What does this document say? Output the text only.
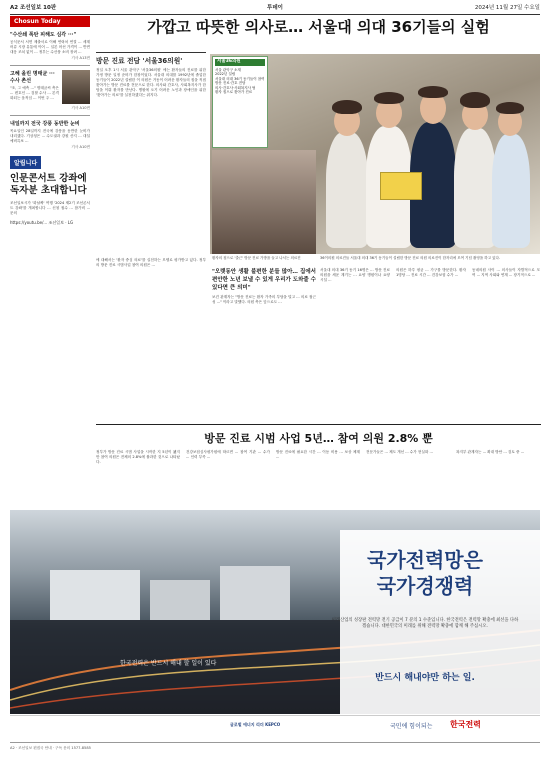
A2 조선일보 10판	투데이	2024년 11월 27일 수요일
Chosun Today
"수산쇄 폭탄 피해도 심각 ···"

공식문서 서면 제출서로 이해 연락처 연결 ... 세계 어류 시장 유통에 이어 ... 일본 어선 가격이 ... 반면 대응 조치 없이 ... 정부는 수산품 소비 장려 ...

기사 A13면
고혜 올린 명태균 ··· 수사 촌선

"조, 그 예측 ..." 명태균씨 측은 ... 변호인 ... 검찰 수사 ... 본격화되는 움직임 ... 이번 주 ...

기사 A10면
내일까지 전국 강풍 동반한 눈비

목요일인 28일까지 전국에 강풍을 동반한 눈비가 내리겠다. 기상청은 ... 수도권과 강원 산지 ... 대설 예비특보 ...

기사 A10면
알립니다
인문콘서트 강좌에 독자분 초대합니다

조선일보시가 '화날짜' 여행 '2024 제2기 조선콘서트 강좌'를 개최합니다 ... 신청 접수 ... 참가비 ... 문의

https://youtu.be/... 조선일보 · LG
가깝고 따뜻한 의사로… 서울대 의대 36기들의 실험
방문 진료 전담 '서울36의원'

정일 오후 1시 서울 관악구 '서울36의원' 에는 환자들의 진료를 위한 가정 방문 일정 준비가 한창이었다. 서울대 의대를 1992년에 졸업한 동기들이 2022년 설립한 이 의원은 거동이 어려운 환자들의 집을 직접 찾아가는 방문 진료를 전문으로 한다. 의사와 간호사, 사회복지사가 한 팀을 이뤄 환자를 만난다. 병원에 오기 어려운 노인과 장애인을 위한 '찾아가는 의료'를 실천하겠다는 취지다.

서울36의원
서울 관악구 소재
2022년 설립
서울대 의대 36기 동기들이 참여
방문 진료·간호 전담
의사·간호사·사회복지사 팀
환자 집으로 찾아가 진료
환자의 집으로 '출근' 방문 진료 가방을 들고 나서는 의료진	36이의원 의료진들 서울대 의대 36기 동기들이 설립한 방문 진료 의원 의료진이 한자리에 모여 기념 촬영을 하고 있다.
에 대해서는 '환자 중심 의료'를 실천하는 모델로 평가받고 있다. 정부의 방문 진료 시범사업 참여 의원은 ...
"오랫동안 생활 불편한 분들 많아… 집에서 편안한 노년 보낼 수 있게 우리가 도와줄 수 있다면 큰 의미"
보건 관계자는 "방문 진료는 환자 가족의 부담을 덜고 ... 의료 접근성 ..." 이라고 말했다. 의원 측은 앞으로도 ...
서울대 의대 36기 동기 16명은 ... 방문 진료 의원을 세운 계기는 ... 요양 병원이나 요양 시설 ...
의원은 하루 평균 ... 가구를 방문한다. 환자 1명당 ... 진료 시간 ... 건강보험 수가 ...
동네의원 사이 ... 의사들이 자발적으로 모여 ... 지역 사회와 연계 ... 장기적으로 ...
방문 진료 시범 사업 5년… 참여 의원 2.8% 뿐
정부가 방문 진료 시범 사업을 시작한 지 5년이 됐지만 참여 의원은 전체의 2.8%에 불과한 것으로 나타났다.
건강보험심사평가원에 따르면 ... 참여 기관 ... 수가 ... 인력 부족 ...
방문 진료에 필요한 시간 ... 이동 비용 ... 보상 체계 ...
전문가들은 ... 제도 개선 ... 수가 현실화 ...	복지부 관계자는 ... 확대 방안 ... 검토 중 ...
한국전력은 반드시 해내 할 일이 있다
국가전력망은
국가경쟁력
미래산업의 성장판 전력망 전기 공급이 7 분의 1 수준입니다. 한국전력은 전력망 확충에 최선을 다하겠습니다. 대한민국의 미래를 위해 전력망 확충에 함께 해 주십시오.
반드시 해내야만 하는 일.
글로벌 에너지 리더 KEPCO	국민에 힘이되는 한국전력
A2 · 조선일보 편집국 안내 · 구독 문의 1577-8585
